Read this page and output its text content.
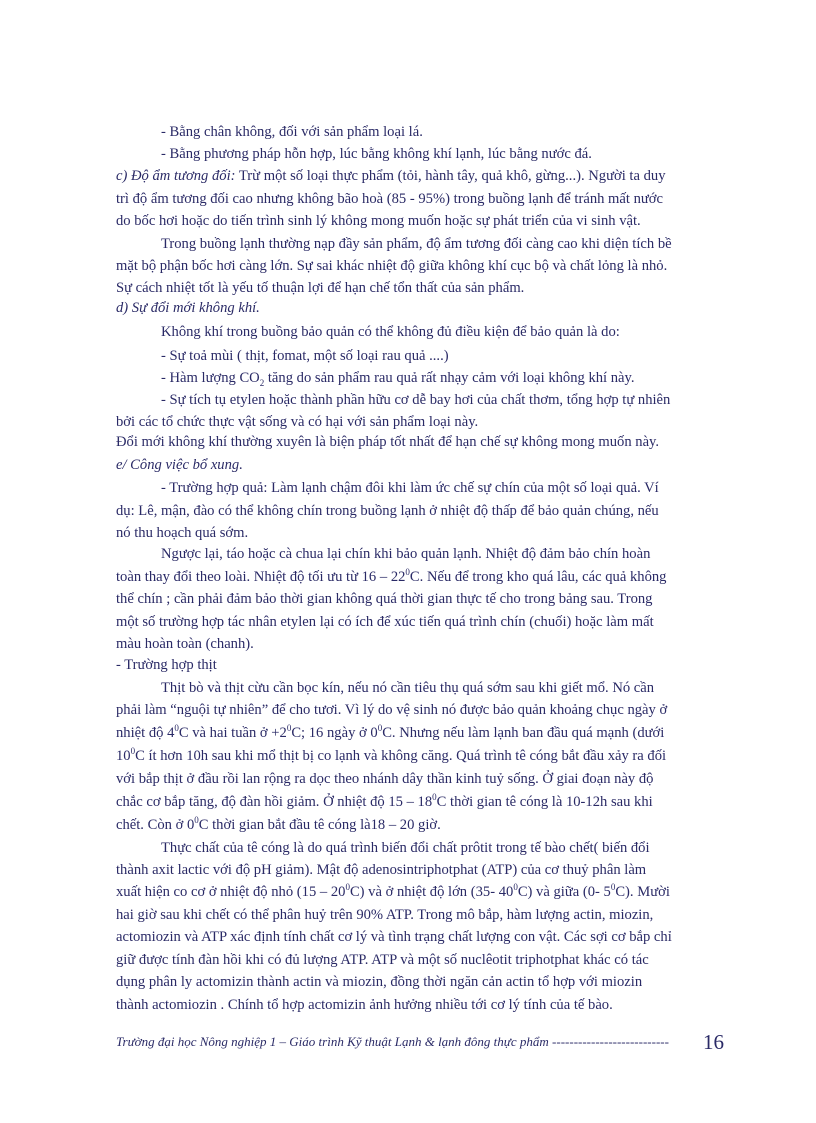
- Bằng chân không, đối với sản phẩm loại lá.
- Bằng phương pháp hỗn hợp, lúc bằng không khí lạnh, lúc bằng nước đá.
c) Độ ẩm tương đối: Trừ một số loại thực phẩm (tỏi, hành tây, quả khô, gừng...). Người ta duy
trì độ ẩm tương đối cao nhưng không bão hoà (85 - 95%) trong buồng lạnh để tránh mất nước
do bốc hơi hoặc do tiến trình sinh lý không mong muốn hoặc sự phát triển của vi sinh vật.
Trong buồng lạnh thường nạp đầy sản phẩm, độ ẩm tương đối càng cao khi diện tích bề
mặt bộ phận bốc hơi càng lớn. Sự sai khác nhiệt độ giữa không khí cục bộ và chất lỏng là nhỏ.
Sự cách nhiệt tốt là yếu tố thuận lợi để hạn chế tổn thất của sản phẩm.
d) Sự đổi mới không khí.
Không khí trong buồng bảo quản có thể không đủ điều kiện để bảo quản là do:
- Sự toả mùi ( thịt, fomat, một số loại rau quả ....)
- Hàm lượng $CO_2$ tăng do sản phẩm rau quả rất nhạy cảm với loại không khí này.
- Sự tích tụ etylen hoặc thành phần hữu cơ dễ bay hơi của chất thơm, tổng hợp tự nhiên
bởi các tổ chức thực vật sống và có hại với sản phẩm loại này.
Đổi mới không khí thường xuyên là biện pháp tốt nhất để hạn chế sự không mong muốn này.
e/ Công việc bổ xung.
- Trường hợp quả: Làm lạnh chậm đôi khi làm ức chế sự chín của một số loại quả. Ví
dụ: Lê, mận, đào có thể không chín trong buồng lạnh ở nhiệt độ thấp để bảo quản chúng, nếu
nó thu hoạch quá sớm.
Ngược lại, táo hoặc cà chua lại chín khi bảo quản lạnh. Nhiệt độ đảm bảo chín hoàn
toàn thay đổi theo loài. Nhiệt độ tối ưu từ $16 - 22^0C$. Nếu để trong kho quá lâu, các quả không
thể chín ; cần phải đảm bảo thời gian không quá thời gian thực tế cho trong bảng sau. Trong
một số trường hợp tác nhân etylen lại có ích để xúc tiến quá trình chín (chuối) hoặc làm mất
màu hoàn toàn (chanh).
- Trường hợp thịt
Thịt bò và thịt cừu cần bọc kín, nếu nó cần tiêu thụ quá sớm sau khi giết mổ. Nó cần
phải làm “nguội tự nhiên” để cho tươi. Vì lý do vệ sinh nó được bảo quản khoảng chục ngày ở
nhiệt độ $4^0C$ và hai tuần ở $+2^0C$; 16 ngày ở $0^0C$. Nhưng nếu làm lạnh ban đầu quá mạnh (dưới
$10^0C$ ít hơn 10h sau khi mổ thịt bị co lạnh và không căng. Quá trình tê cóng bắt đầu xảy ra đối
với bắp thịt ở đầu rồi lan rộng ra dọc theo nhánh dây thần kinh tuỷ sống. Ở giai đoạn này độ
chắc cơ bắp tăng, độ đàn hồi giảm. Ở nhiệt độ $15 - 18^0C$ thời gian tê cóng là 10-12h sau khi
chết. Còn ở $0^0C$ thời gian bắt đầu tê cóng là18 – 20 giờ.
Thực chất của tê cóng là do quá trình biến đổi chất prôtit trong tế bào chết( biến đổi
thành axit lactic với độ pH giảm). Mật độ adenosintriphotphat (ATP) của cơ thuỷ phân làm
xuất hiện co cơ ở nhiệt độ nhỏ $(15 - 20^0C)$ và ở nhiệt độ lớn (35- $40^0C$) và giữa (0- $5^0C$). Mười
hai giờ sau khi chết có thể phân huỷ trên 90% ATP. Trong mô bắp, hàm lượng actin, miozin,
actomiozin và ATP xác định tính chất cơ lý và tình trạng chất lượng con vật. Các sợi cơ bắp chỉ
giữ được tính đàn hồi khi có đủ lượng ATP. ATP và một số nuclêotit triphotphat khác có tác
dụng phân ly actomizin thành actin và miozin, đồng thời ngăn cản actin tổ hợp với miozin
thành actomiozin . Chính tổ hợp actomizin ảnh hưởng nhiều tới cơ lý tính của tế bào.
Trường đại học Nông nghiệp 1 – Giáo trình Kỹ thuật Lạnh & lạnh đông thực phẩm --------------------------- 16
